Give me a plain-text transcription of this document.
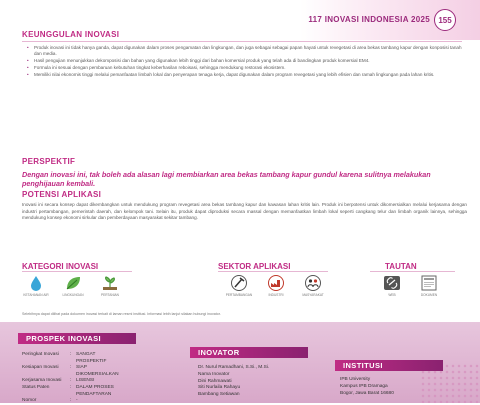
117 INOVASI INDONESIA 2025	155
KEUNGGULAN INOVASI
• Produk inovasi ini tidak hanya ganda, dapat digunakan dalam proses pengamatan dan lingkungan, dan juga sebagai sebagai papan hayati untuk revegetasi di area bekas tambang kapur dengan konposisi tanah dan media.
• Hasil pengujian menunjukkan dekomposisi dan bahan yang digunakan lebih tinggi dari bahan komersial produk yang telah ada di bandingkan produk komersial EM4.
• Formula ini sesuai dengan pembaruan kebutuhan tingkat keberhasilan reboisasi, sehingga mendukung restorasi ekosistem.
• Memiliki nilai ekonomis tinggi melalui pemanfaatan limbah lokal dan penyerapan tenaga kerja, dapat digunakan dalam program revegetasi yang lebih efisien dan ramah lingkungan pada lahan kritis.
PERSPEKTIF
Dengan inovasi ini, tak boleh ada alasan lagi membiarkan area bekas tambang kapur gundul karena sulitnya melakukan penghijauan kembali.
POTENSI APLIKASI
Inovasi ini secara konsep dapat dikembangkan untuk mendukung program revegetasi area bekas tambang kapur dan kawasan lahan kritis lain. Produk ini berpotensi untuk dikomersialkan melalui kerjasama dengan industri pertambangan, pemerintah daerah, dan kelompok tani. Selain itu, produk dapat diproduksi secara massal dengan memanfaatkan limbah lokal seperti cangkang telur dan limbah organik lainnya, sehingga mendukung konsep ekonomi sirkular dan pemberdayaan masyarakat sekitar tambang.
KATEGORI INOVASI
KETAHANAN AIR	LINGKUNGAN	PERTANIAN
SEKTOR APLIKASI
PERTAMBANGAN	INDUSTRI	MASYARAKAT
TAUTAN
WEB	DOKUMEN
Selebihnya dapat dilihat pada dokumen inovasi terkait di laman resmi institusi. Informasi lebih lanjut silakan hubungi inovator.
PROSPEK INOVASI
Peringkat Inovasi	: SANGAT PROSPEKTIF
Kesiapan Inovasi	: SIAP DIKOMERSIALKAN
Kerjasama Inovasi	: LISENSI
Status Paten	: DALAM PROSES PENDAFTARAN
Nomor	: -
INOVATOR
Dr. Nurul Ramadhani, S.Si., M.Si.
Nama Inovator
Dini Rahmawati
Siti Nurlaila Rahayu
Bambang Setiawan
INSTITUSI
IPB University
Kampus IPB Dramaga
Bogor, Jawa Barat 16680
